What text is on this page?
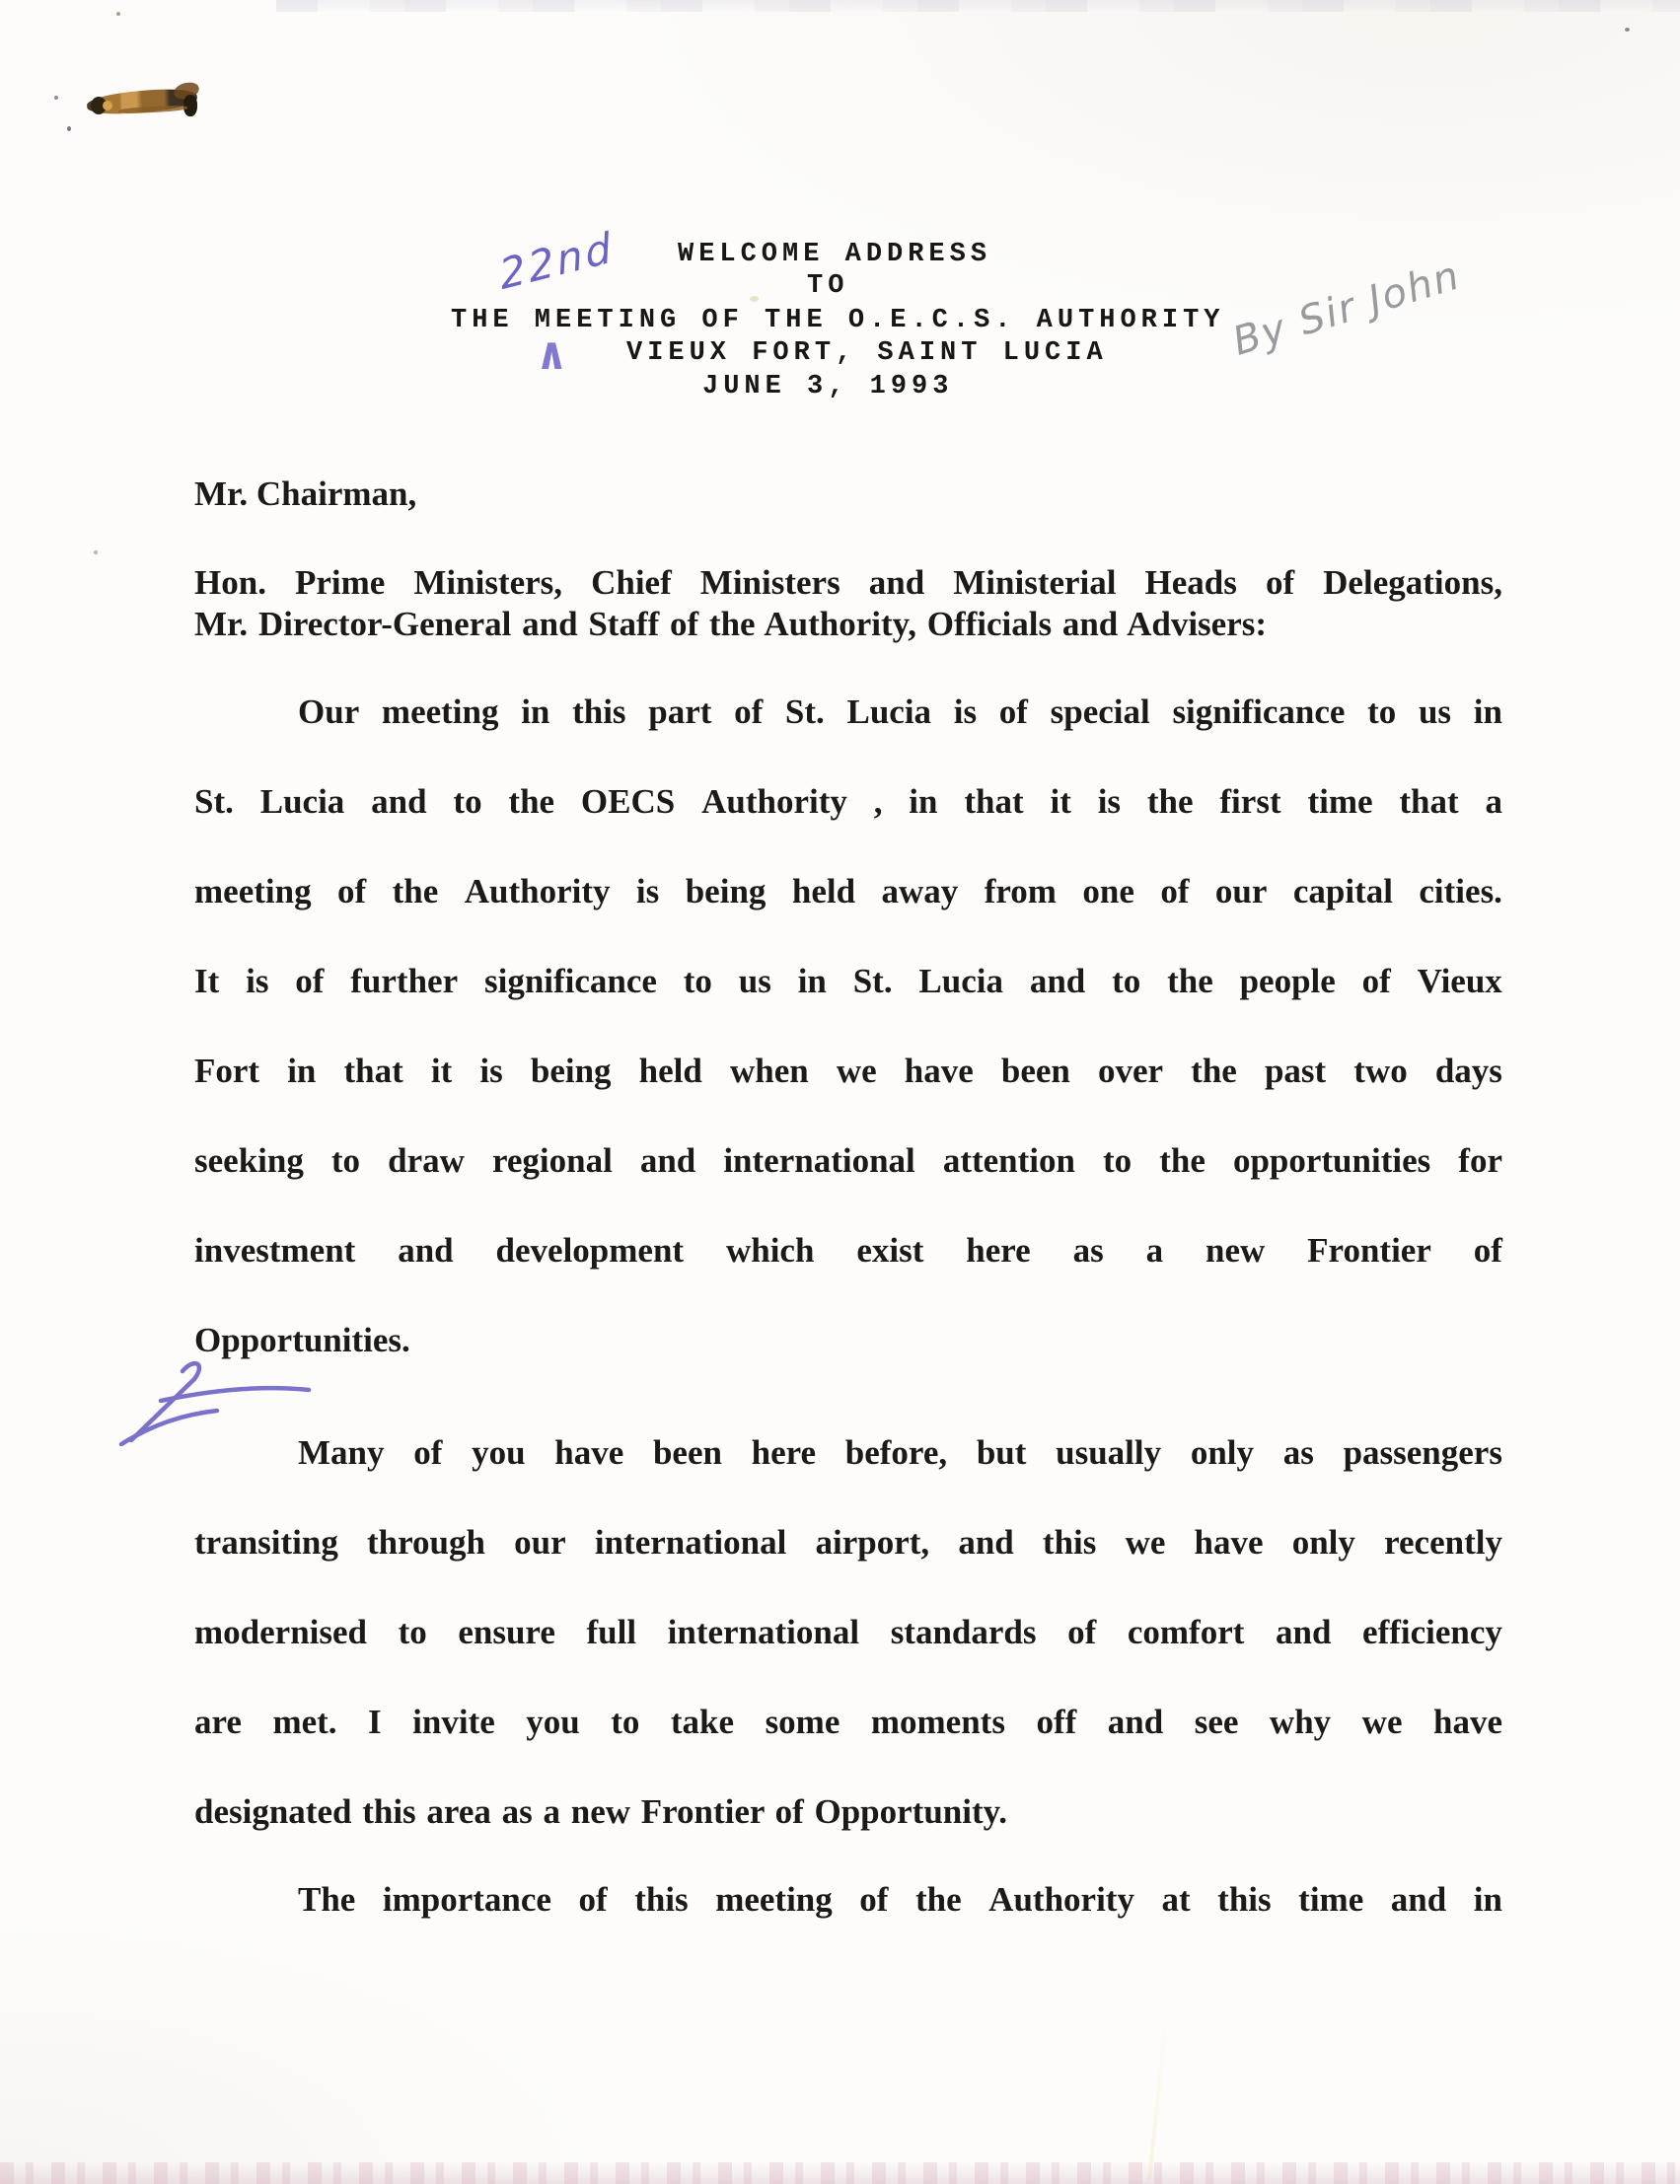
WELCOME ADDRESS
TO
THE MEETING OF THE O.E.C.S. AUTHORITY
VIEUX FORT, SAINT LUCIA
JUNE 3, 1993
22nd
∧	By Sir John
Mr. Chairman,
Hon. Prime Ministers, Chief Ministers and Ministerial Heads of Delegations,
Mr. Director-General and Staff of the Authority, Officials and Advisers:
Our meeting in this part of St. Lucia is of special significance to us in
St. Lucia and to the OECS Authority , in that it is the first time that a
meeting of the Authority is being held away from one of our capital cities.
It is of further significance to us in St. Lucia and to the people of Vieux
Fort in that it is being held when we have been over the past two days
seeking to draw regional and international attention to the opportunities for
investment and development which exist here as a new Frontier of
Opportunities.
Many of you have been here before, but usually only as passengers
transiting through our international airport, and this we have only recently
modernised to ensure full international standards of comfort and efficiency
are met. I invite you to take some moments off and see why we have
designated this area as a new Frontier of Opportunity.
The importance of this meeting of the Authority at this time and in
